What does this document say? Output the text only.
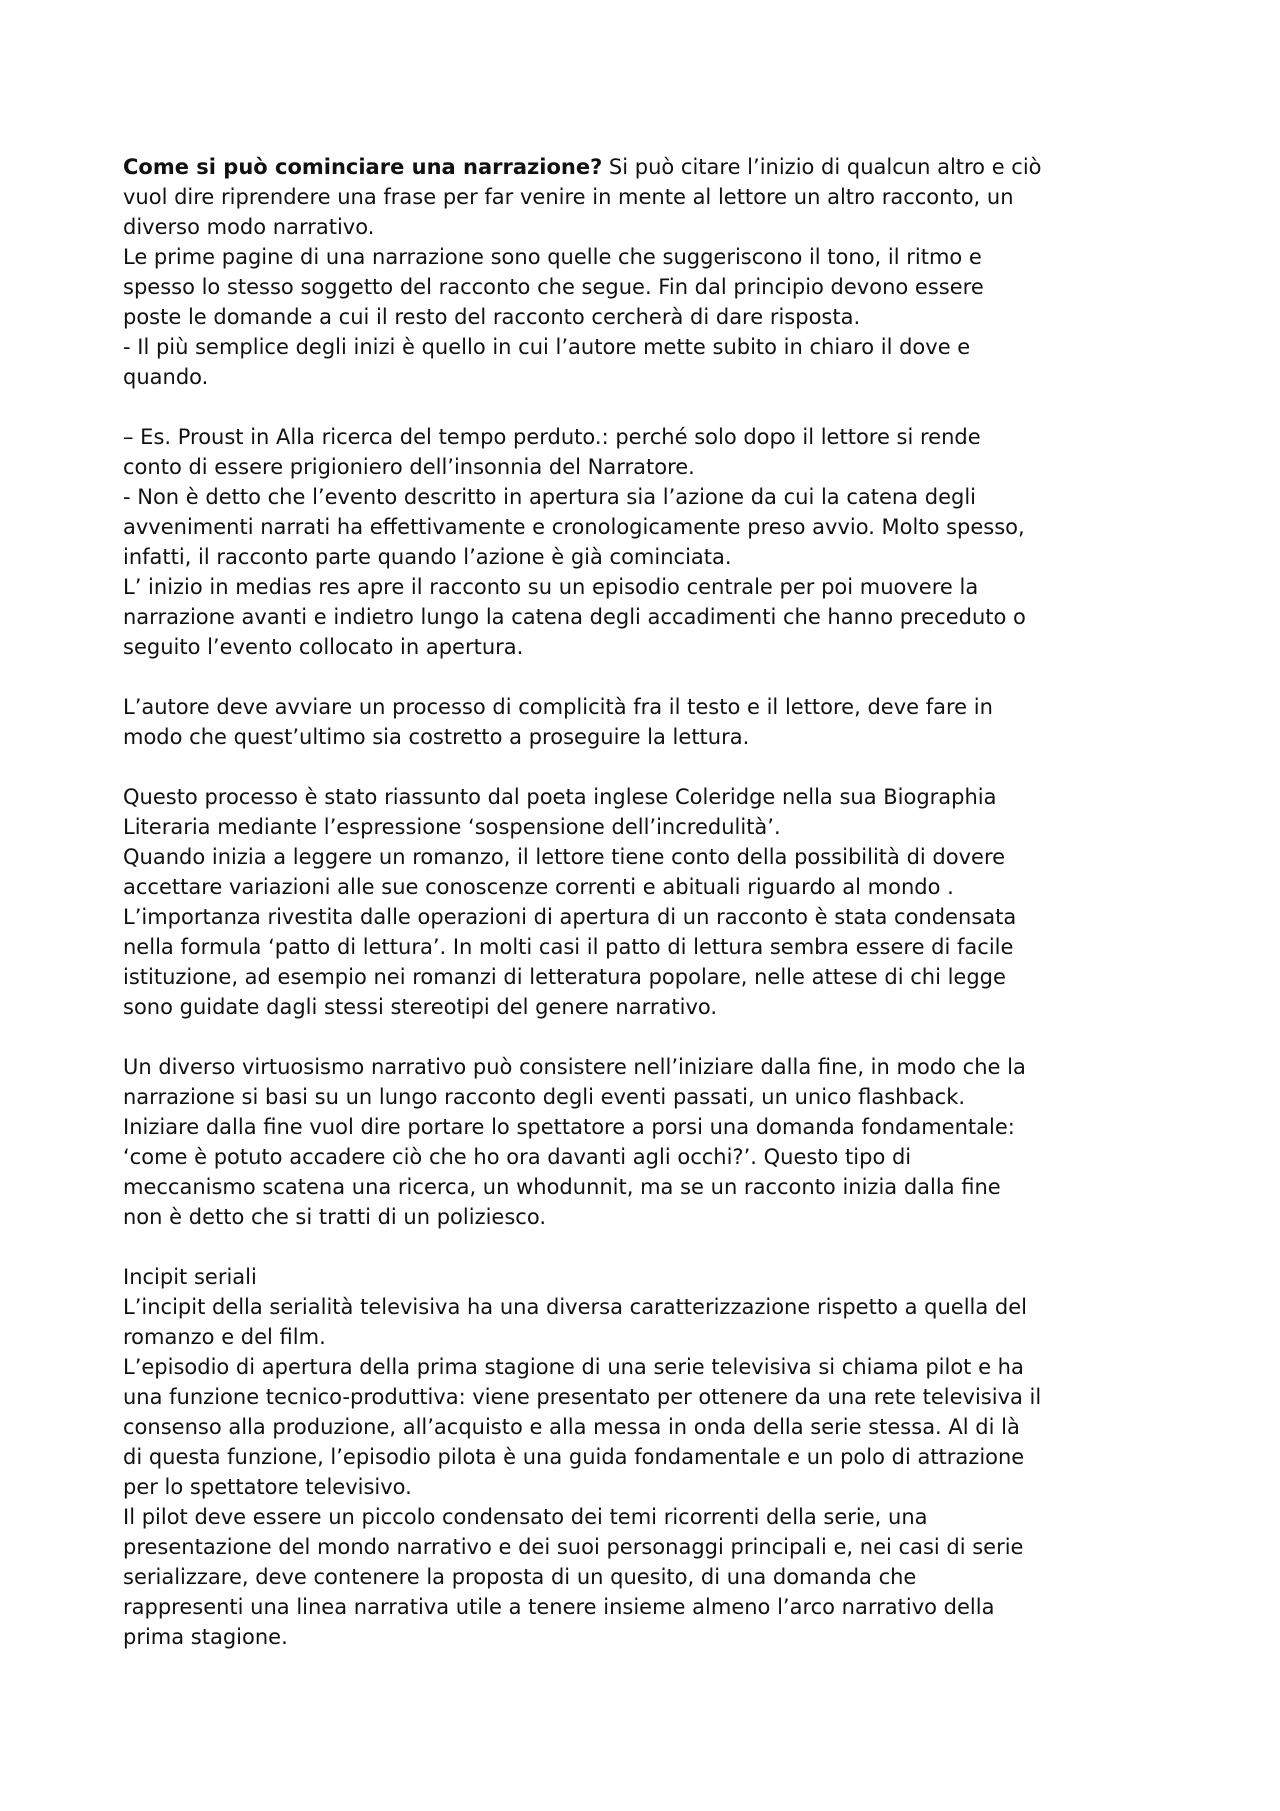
Come si può cominciare una narrazione? Si può citare l’inizio di qualcun altro e ciò
vuol dire riprendere una frase per far venire in mente al lettore un altro racconto, un
diverso modo narrativo.
Le prime pagine di una narrazione sono quelle che suggeriscono il tono, il ritmo e
spesso lo stesso soggetto del racconto che segue. Fin dal principio devono essere
poste le domande a cui il resto del racconto cercherà di dare risposta.
- Il più semplice degli inizi è quello in cui l’autore mette subito in chiaro il dove e
quando.
– Es. Proust in Alla ricerca del tempo perduto.: perché solo dopo il lettore si rende
conto di essere prigioniero dell’insonnia del Narratore.
- Non è detto che l’evento descritto in apertura sia l’azione da cui la catena degli
avvenimenti narrati ha effettivamente e cronologicamente preso avvio. Molto spesso,
infatti, il racconto parte quando l’azione è già cominciata.
L’ inizio in medias res apre il racconto su un episodio centrale per poi muovere la
narrazione avanti e indietro lungo la catena degli accadimenti che hanno preceduto o
seguito l’evento collocato in apertura.
L’autore deve avviare un processo di complicità fra il testo e il lettore, deve fare in
modo che quest’ultimo sia costretto a proseguire la lettura.
Questo processo è stato riassunto dal poeta inglese Coleridge nella sua Biographia
Literaria mediante l’espressione ‘sospensione dell’incredulità’.
Quando inizia a leggere un romanzo, il lettore tiene conto della possibilità di dovere
accettare variazioni alle sue conoscenze correnti e abituali riguardo al mondo .
L’importanza rivestita dalle operazioni di apertura di un racconto è stata condensata
nella formula ‘patto di lettura’. In molti casi il patto di lettura sembra essere di facile
istituzione, ad esempio nei romanzi di letteratura popolare, nelle attese di chi legge
sono guidate dagli stessi stereotipi del genere narrativo.
Un diverso virtuosismo narrativo può consistere nell’iniziare dalla fine, in modo che la
narrazione si basi su un lungo racconto degli eventi passati, un unico flashback.
Iniziare dalla fine vuol dire portare lo spettatore a porsi una domanda fondamentale:
‘come è potuto accadere ciò che ho ora davanti agli occhi?’. Questo tipo di
meccanismo scatena una ricerca, un whodunnit, ma se un racconto inizia dalla fine
non è detto che si tratti di un poliziesco.
Incipit seriali
L’incipit della serialità televisiva ha una diversa caratterizzazione rispetto a quella del
romanzo e del film.
L’episodio di apertura della prima stagione di una serie televisiva si chiama pilot e ha
una funzione tecnico-produttiva: viene presentato per ottenere da una rete televisiva il
consenso alla produzione, all’acquisto e alla messa in onda della serie stessa. Al di là
di questa funzione, l’episodio pilota è una guida fondamentale e un polo di attrazione
per lo spettatore televisivo.
Il pilot deve essere un piccolo condensato dei temi ricorrenti della serie, una
presentazione del mondo narrativo e dei suoi personaggi principali e, nei casi di serie
serializzare, deve contenere la proposta di un quesito, di una domanda che
rappresenti una linea narrativa utile a tenere insieme almeno l’arco narrativo della
prima stagione.
